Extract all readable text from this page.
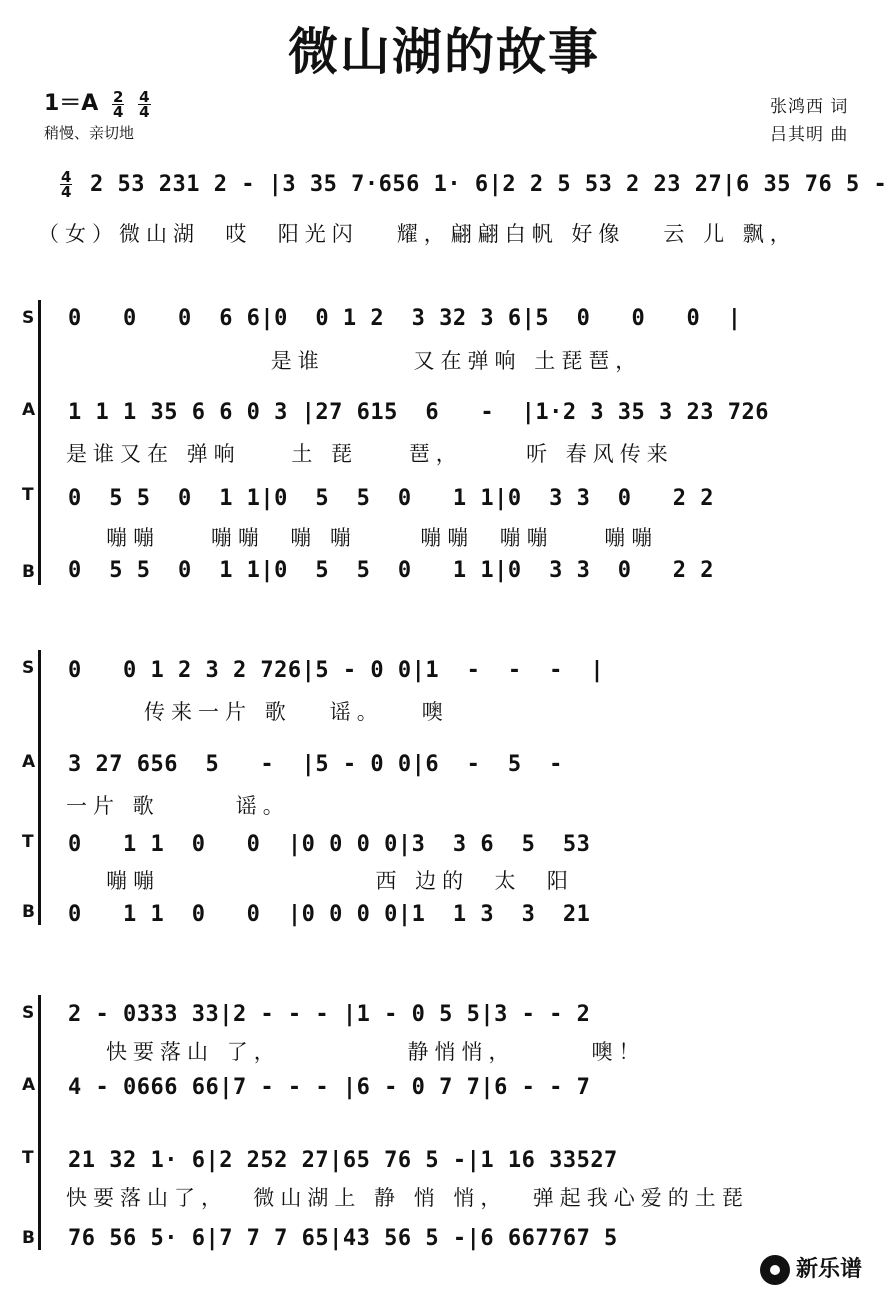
微山湖的故事
$1=A \frac{2}{4}$
$\frac{4}{4}$
稍慢、亲切地
张鸿西 词
吕其明 曲
$\frac{4}{4} 2$ 53 231 2 - |3 35 7·656 1· 6|2 2 5 53 2 23 27|6 35 76 5 -
（女）微山湖  哎  阳光闪   耀，翩翩白帆 好像   云 儿 飘，
S
A
T
B
0   0   0  6 6|0  0 1 2  3 32 3 6|5  0   0   0  |
是谁       又在弹响 土琵琶，
1 1 1 35 6 6 0 3 |27 615  6   -  |1·2 3 35 3 23 726
是谁又在 弹响    土 琵    琶，     听 春风传来
0  5 5  0  1 1|0  5  5  0   1 1|0  3 3  0   2 2
嘣嘣    嘣嘣  嘣 嘣     嘣嘣  嘣嘣    嘣嘣
0  5 5  0  1 1|0  5  5  0   1 1|0  3 3  0   2 2
S
A
T
B
0   0 1 2 3 2 726|5 - 0 0|1  -  -  -  |
传来一片 歌   谣。   噢
3 27 656  5   -  |5 - 0 0|6  -  5  -
一片 歌      谣。
0   1 1  0   0  |0 0 0 0|3  3 6  5  53
嘣嘣                 西 边的  太  阳
0   1 1  0   0  |0 0 0 0|1  1 3  3  21
S
A
T
B
2 - 0333 33|2 - - - |1 - 0 5 5|3 - - 2
快要落山 了，          静悄悄，      噢！
4 - 0666 66|7 - - - |6 - 0 7 7|6 - - 7
21 32 1· 6|2 252 27|65 76 5 -|1 16 33527
快要落山了，  微山湖上 静 悄 悄，  弹起我心爱的土琵
76 56 5· 6|7 7 7 65|43 56 5 -|6 667767 5
新乐谱
